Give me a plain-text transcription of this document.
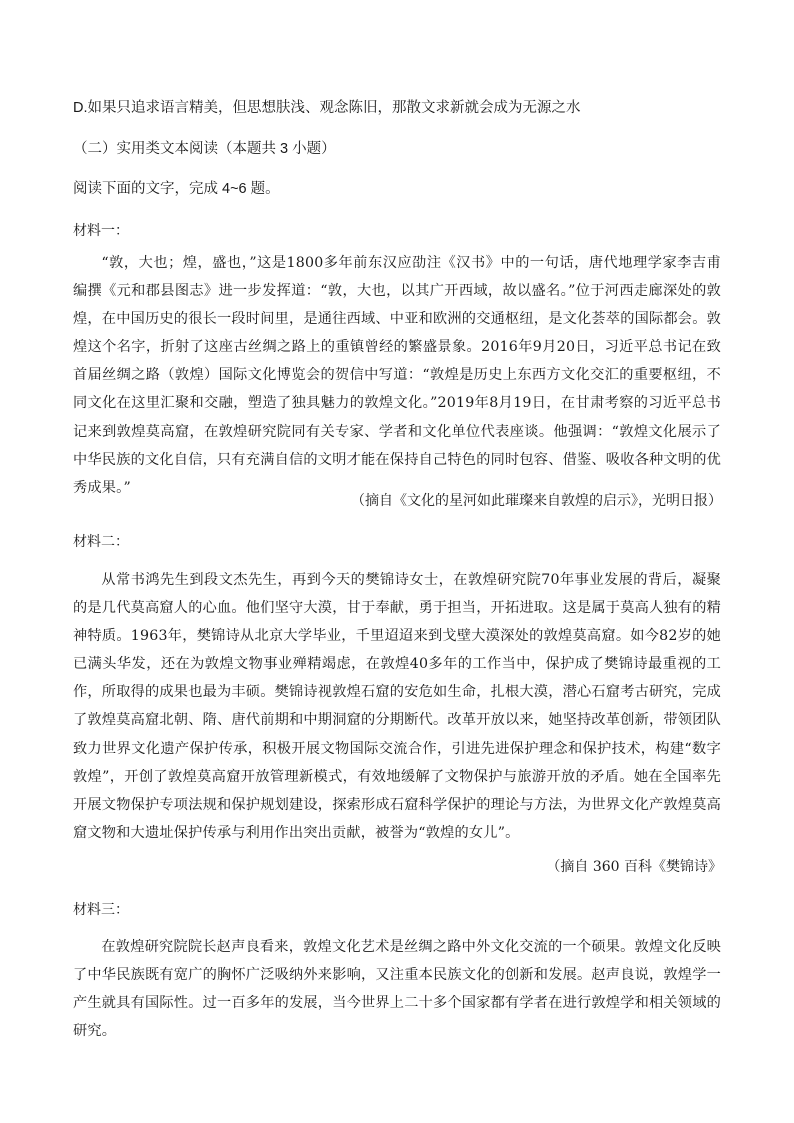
D.如果只追求语言精美，但思想肤浅、观念陈旧，那散文求新就会成为无源之水
（二）实用类文本阅读（本题共 3 小题）
阅读下面的文字，完成 4~6 题。
材料一：

“敦，大也；煌，盛也，”这是1800多年前东汉应劭注《汉书》中的一句话，唐代地理学家李吉甫编撰《元和郡县图志》进一步发挥道：“敦，大也，以其广开西域，故以盛名。”位于河西走廊深处的敦煌，在中国历史的很长一段时间里，是通往西域、中亚和欧洲的交通枢纽，是文化荟萃的国际都会。敦煌这个名字，折射了这座古丝绸之路上的重镇曾经的繁盛景象。2016年9月20日，习近平总书记在致首届丝绸之路（敦煌）国际文化博览会的贺信中写道：“敦煌是历史上东西方文化交汇的重要枢纽，不同文化在这里汇聚和交融，塑造了独具魅力的敦煌文化。”2019年8月19日，在甘肃考察的习近平总书记来到敦煌莫高窟，在敦煌研究院同有关专家、学者和文化单位代表座谈。他强调：“敦煌文化展示了中华民族的文化自信，只有充满自信的文明才能在保持自己特色的同时包容、借鉴、吸收各种文明的优秀成果。”

（摘自《文化的星河如此璀璨来自敦煌的启示》，光明日报）
材料二：

从常书鸿先生到段文杰先生，再到今天的樊锦诗女士，在敦煌研究院70年事业发展的背后，凝聚的是几代莫高窟人的心血。他们坚守大漠，甘于奉献，勇于担当，开拓进取。这是属于莫高人独有的精神特质。1963年，樊锦诗从北京大学毕业，千里迢迢来到戈壁大漠深处的敦煌莫高窟。如今82岁的她已满头华发，还在为敦煌文物事业殚精竭虑，在敦煌40多年的工作当中，保护成了樊锦诗最重视的工作，所取得的成果也最为丰硕。樊锦诗视敦煌石窟的安危如生命，扎根大漠，潜心石窟考古研究，完成了敦煌莫高窟北朝、隋、唐代前期和中期洞窟的分期断代。改革开放以来，她坚持改革创新，带领团队致力世界文化遗产保护传承，积极开展文物国际交流合作，引进先进保护理念和保护技术，构建“数字敦煌”，开创了敦煌莫高窟开放管理新模式，有效地缓解了文物保护与旅游开放的矛盾。她在全国率先开展文物保护专项法规和保护规划建设，探索形成石窟科学保护的理论与方法，为世界文化产敦煌莫高窟文物和大遗址保护传承与利用作出突出贡献，被誉为“敦煌的女儿”。

（摘自 360 百科《樊锦诗》
材料三：

在敦煌研究院院长赵声良看来，敦煌文化艺术是丝绸之路中外文化交流的一个硕果。敦煌文化反映了中华民族既有宽广的胸怀广泛吸纳外来影响，又注重本民族文化的创新和发展。赵声良说，敦煌学一产生就具有国际性。过一百多年的发展，当今世界上二十多个国家都有学者在进行敦煌学和相关领域的研究。
